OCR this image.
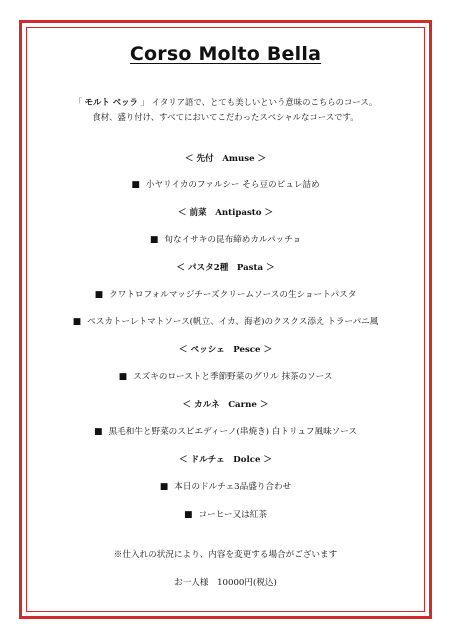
Corso Molto Bella
「 モルト ベッラ 」 イタリア語で、とても美しいという意味のこちらのコース。
食材、盛り付け、すべてにおいてこだわったスペシャルなコースです。
＜ 先付　Amuse ＞
■ 小ヤリイカのファルシー そら豆のピュレ詰め
＜ 前菜　Antipasto ＞
■ 旬なイサキの昆布締めカルパッチョ
＜ パスタ2種　Pasta ＞
■ クワトロフォルマッジチーズクリームソースの生ショートパスタ
■ ペスカトーレトマトソース(帆立、イカ、海老)のクスクス添え トラーパニ風
＜ ペッシェ　Pesce ＞
■ スズキのローストと季節野菜のグリル 抹茶のソース
＜ カルネ　Carne ＞
■ 黒毛和牛と野菜のスピエディーノ(串焼き) 白トリュフ風味ソース
＜ ドルチェ　Dolce ＞
■ 本日のドルチェ3品盛り合わせ
■ コーヒー又は紅茶
※仕入れの状況により、内容を変更する場合がございます
お一人様　10000円(税込)
